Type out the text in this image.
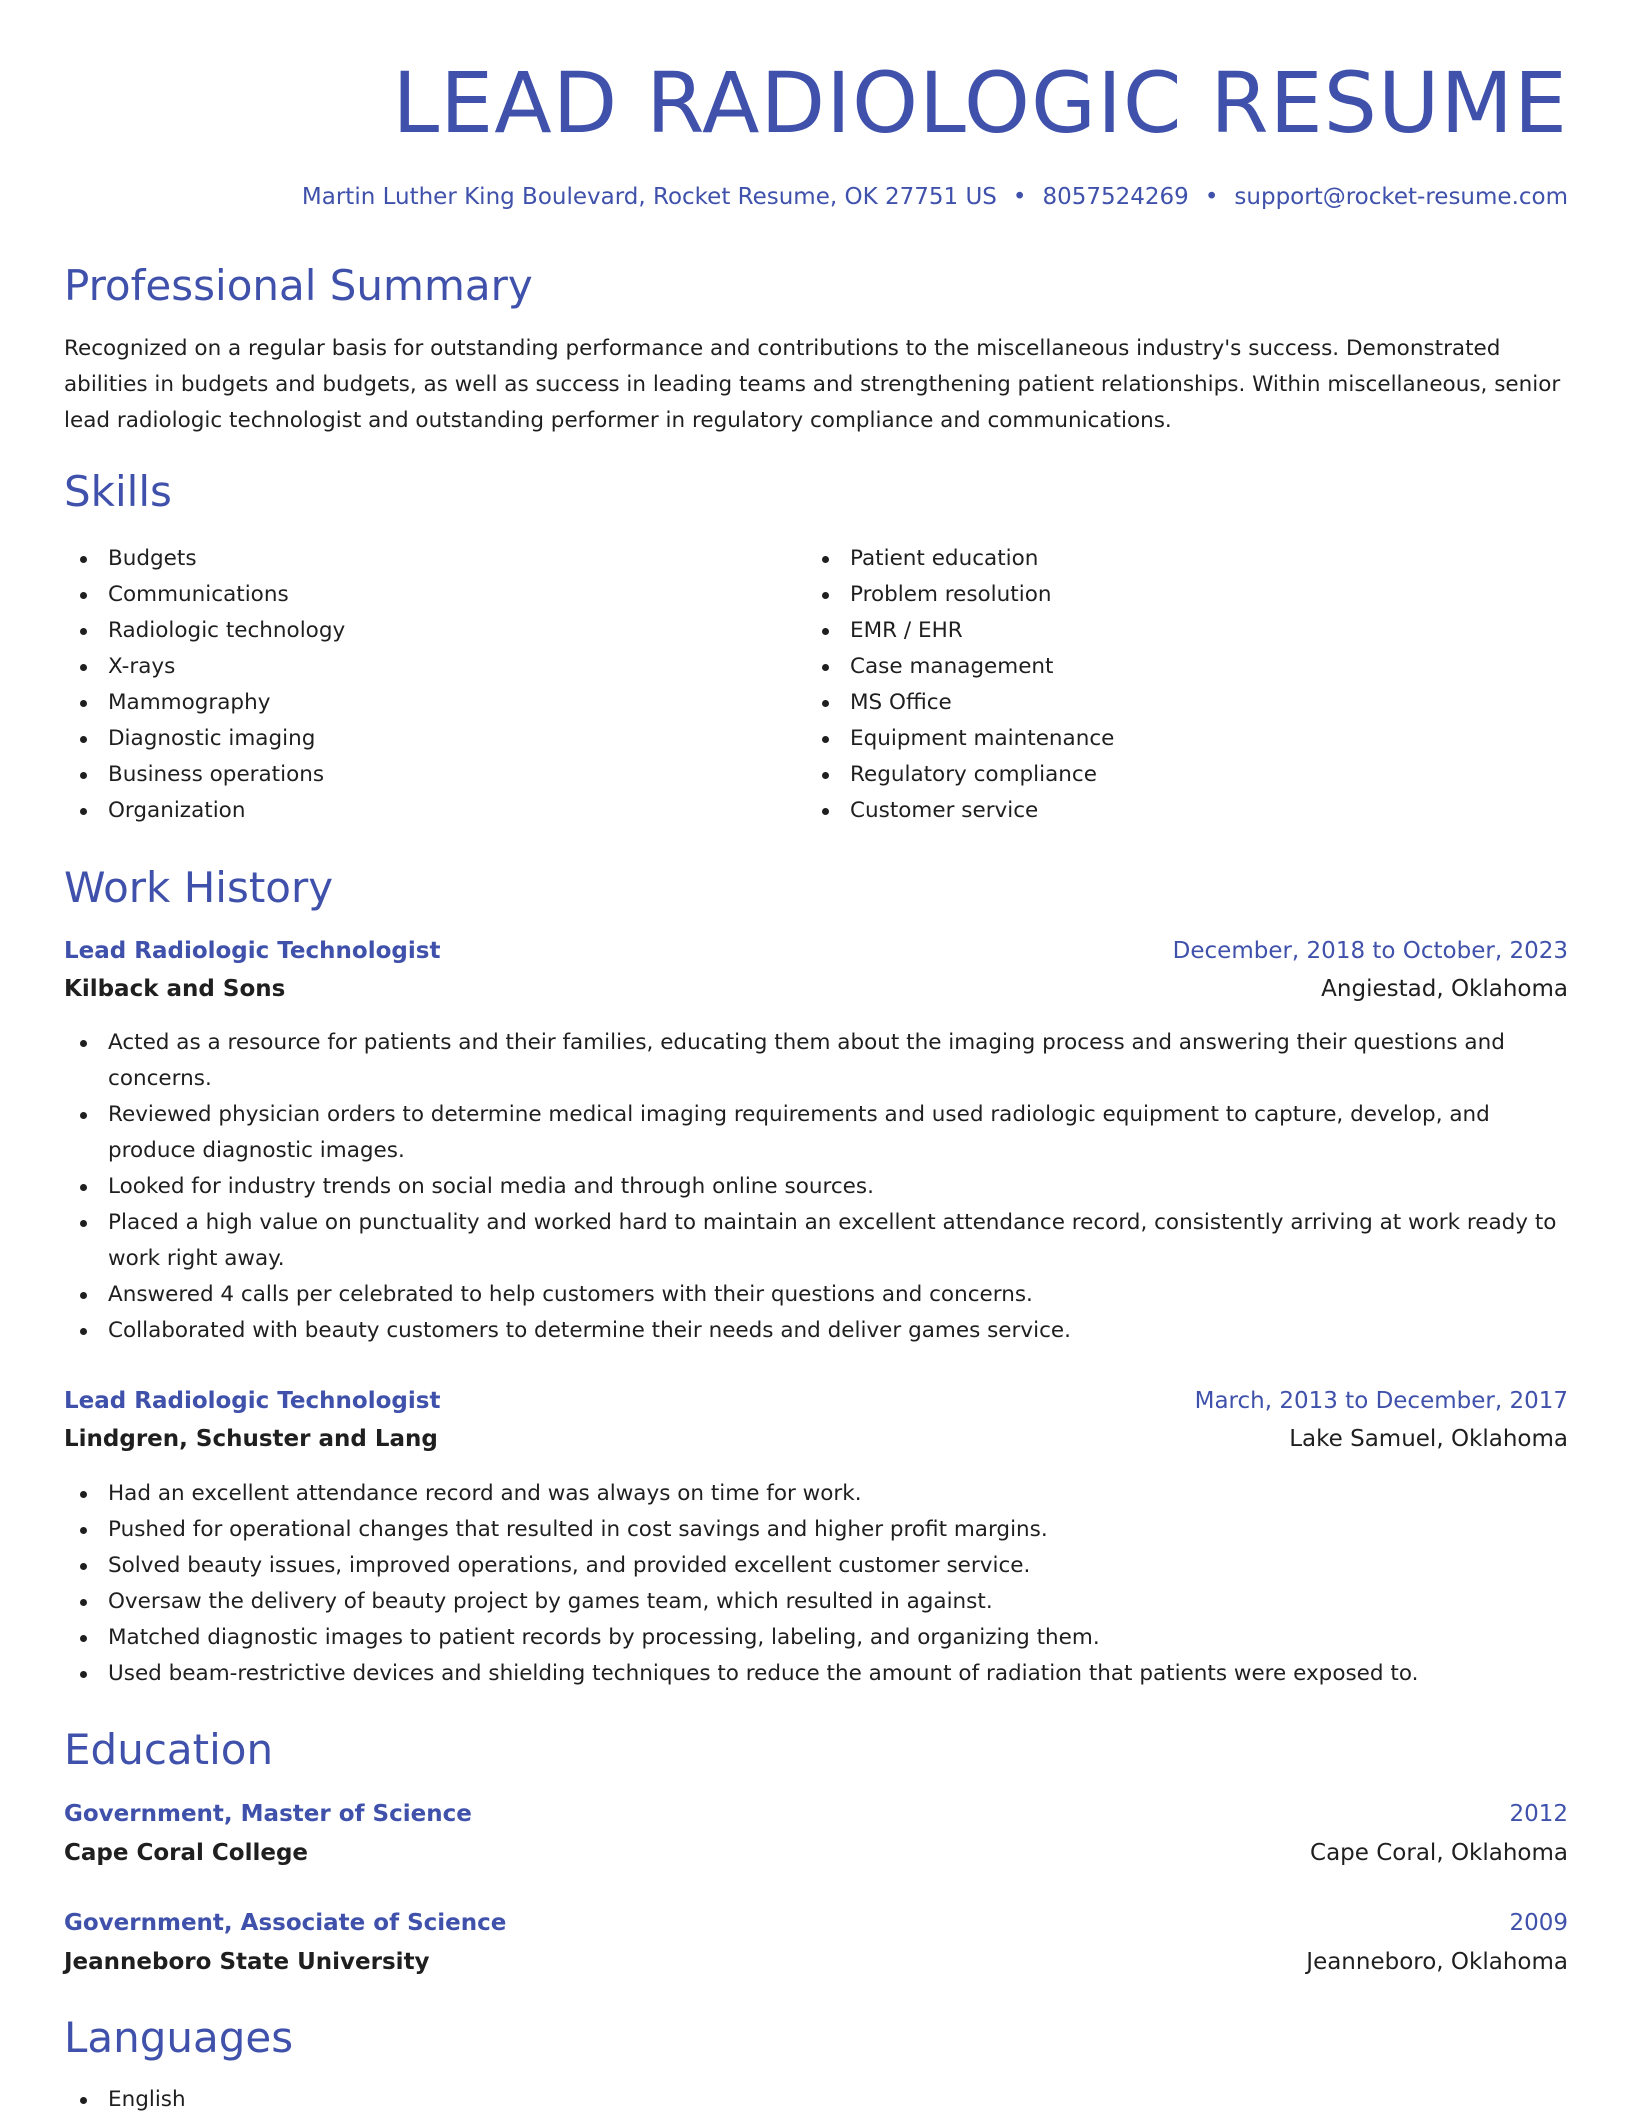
LEAD RADIOLOGIC RESUME
Martin Luther King Boulevard, Rocket Resume, OK 27751 US • 8057524269 • support@rocket-resume.com
Professional Summary

Recognized on a regular basis for outstanding performance and contributions to the miscellaneous industry's success. Demonstrated abilities in budgets and budgets, as well as success in leading teams and strengthening patient relationships. Within miscellaneous, senior lead radiologic technologist and outstanding performer in regulatory compliance and communications.

Skills
Budgets
Communications
Radiologic technology
X-rays
Mammography
Diagnostic imaging
Business operations
Organization
Patient education
Problem resolution
EMR / EHR
Case management
MS Office
Equipment maintenance
Regulatory compliance
Customer service
Work History
Lead Radiologic Technologist	December, 2018 to October, 2023
Kilback and Sons	Angiestad, Oklahoma
Acted as a resource for patients and their families, educating them about the imaging process and answering their questions and concerns.
Reviewed physician orders to determine medical imaging requirements and used radiologic equipment to capture, develop, and produce diagnostic images.
Looked for industry trends on social media and through online sources.
Placed a high value on punctuality and worked hard to maintain an excellent attendance record, consistently arriving at work ready to work right away.
Answered 4 calls per celebrated to help customers with their questions and concerns.
Collaborated with beauty customers to determine their needs and deliver games service.
Lead Radiologic Technologist	March, 2013 to December, 2017
Lindgren, Schuster and Lang	Lake Samuel, Oklahoma
Had an excellent attendance record and was always on time for work.
Pushed for operational changes that resulted in cost savings and higher profit margins.
Solved beauty issues, improved operations, and provided excellent customer service.
Oversaw the delivery of beauty project by games team, which resulted in against.
Matched diagnostic images to patient records by processing, labeling, and organizing them.
Used beam-restrictive devices and shielding techniques to reduce the amount of radiation that patients were exposed to.
Education
Government, Master of Science	2012
Cape Coral College	Cape Coral, Oklahoma
Government, Associate of Science	2009
Jeanneboro State University	Jeanneboro, Oklahoma
Languages
English
